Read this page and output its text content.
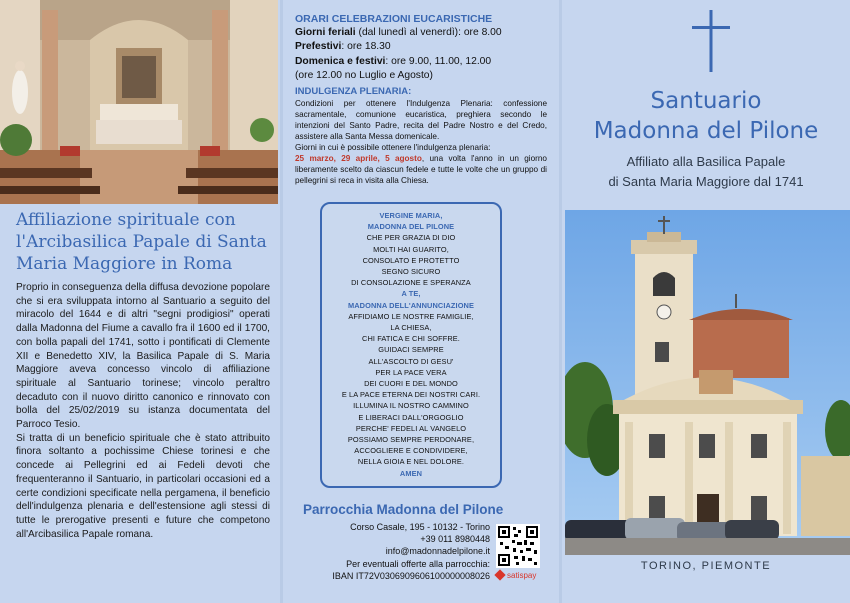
Affiliazione spirituale con l'Arcibasilica Papale di Santa Maria Maggiore in Roma

Proprio in conseguenza della diffusa devozione popolare che si era sviluppata intorno al Santuario a seguito del miracolo del 1644 e di altri "segni prodigiosi" operati dalla Madonna del Fiume a cavallo fra il 1600 ed il 1700, con bolla papali del 1741, sotto i pontificati di Clemente XII e Benedetto XIV, la Basilica Papale di S. Maria Maggiore aveva concesso vincolo di affiliazione spirituale al Santuario torinese; vincolo peraltro decaduto con il nuovo diritto canonico e rinnovato con bolla del 25/02/2019 su istanza documentata del Parroco Tesio.

Si tratta di un beneficio spirituale che è stato attribuito finora soltanto a pochissime Chiese torinesi e che concede ai Pellegrini ed ai Fedeli devoti che frequenteranno il Santuario, in particolari occasioni ed a certe condizioni specificate nella pergamena, il beneficio dell'indulgenza plenaria e dell'estensione agli stessi di tutte le prerogative presenti e future che competono all'Arcibasilica Papale romana.

ORARI CELEBRAZIONI EUCARISTICHE

Giorni feriali (dal lunedì al venerdì): ore 8.00

Prefestivi: ore 18.30

Domenica e festivi: ore 9.00, 11.00, 12.00

(ore 12.00 no Luglio e Agosto)

INDULGENZA PLENARIA:

Condizioni per ottenere l'Indulgenza Plenaria: confessione sacramentale, comunione eucaristica, preghiera secondo le intenzioni del Santo Padre, recita del Padre Nostro e del Credo, assistere alla Santa Messa domenicale.

Giorni in cui è possibile ottenere l'indulgenza plenaria:

25 marzo, 29 aprile, 5 agosto, una volta l'anno in un giorno liberamente scelto da ciascun fedele e tutte le volte che un gruppo di pellegrini si reca in visita alla Chiesa.

VERGINE MARIA,
MADONNA DEL PILONE
CHE PER GRAZIA DI DIO
MOLTI HAI GUARITO,
CONSOLATO E PROTETTO
SEGNO SICURO
DI CONSOLAZIONE E SPERANZA
A TE,
MADONNA DELL'ANNUNCIAZIONE
AFFIDIAMO LE NOSTRE FAMIGLIE,
LA CHIESA,
CHI FATICA E CHI SOFFRE.
GUIDACI SEMPRE
ALL'ASCOLTO DI GESU'
PER LA PACE VERA
DEI CUORI E DEL MONDO
E LA PACE ETERNA DEI NOSTRI CARI.
ILLUMINA IL NOSTRO CAMMINO
E LIBERACI DALL'ORGOGLIO
PERCHE' FEDELI AL VANGELO
POSSIAMO SEMPRE PERDONARE,
ACCOGLIERE E CONDIVIDERE,
NELLA GIOIA E NEL DOLORE.
AMEN
Parrocchia Madonna del Pilone
Corso Casale, 195 - 10132 - Torino
+39 011 8980448
info@madonnadelpilone.it
Per eventuali offerte alla parrocchia:
IBAN IT72V0306909606100000008026	satispay
Santuario
Madonna del Pilone
Affiliato alla Basilica Papale
di Santa Maria Maggiore dal 1741
TORINO, PIEMONTE
